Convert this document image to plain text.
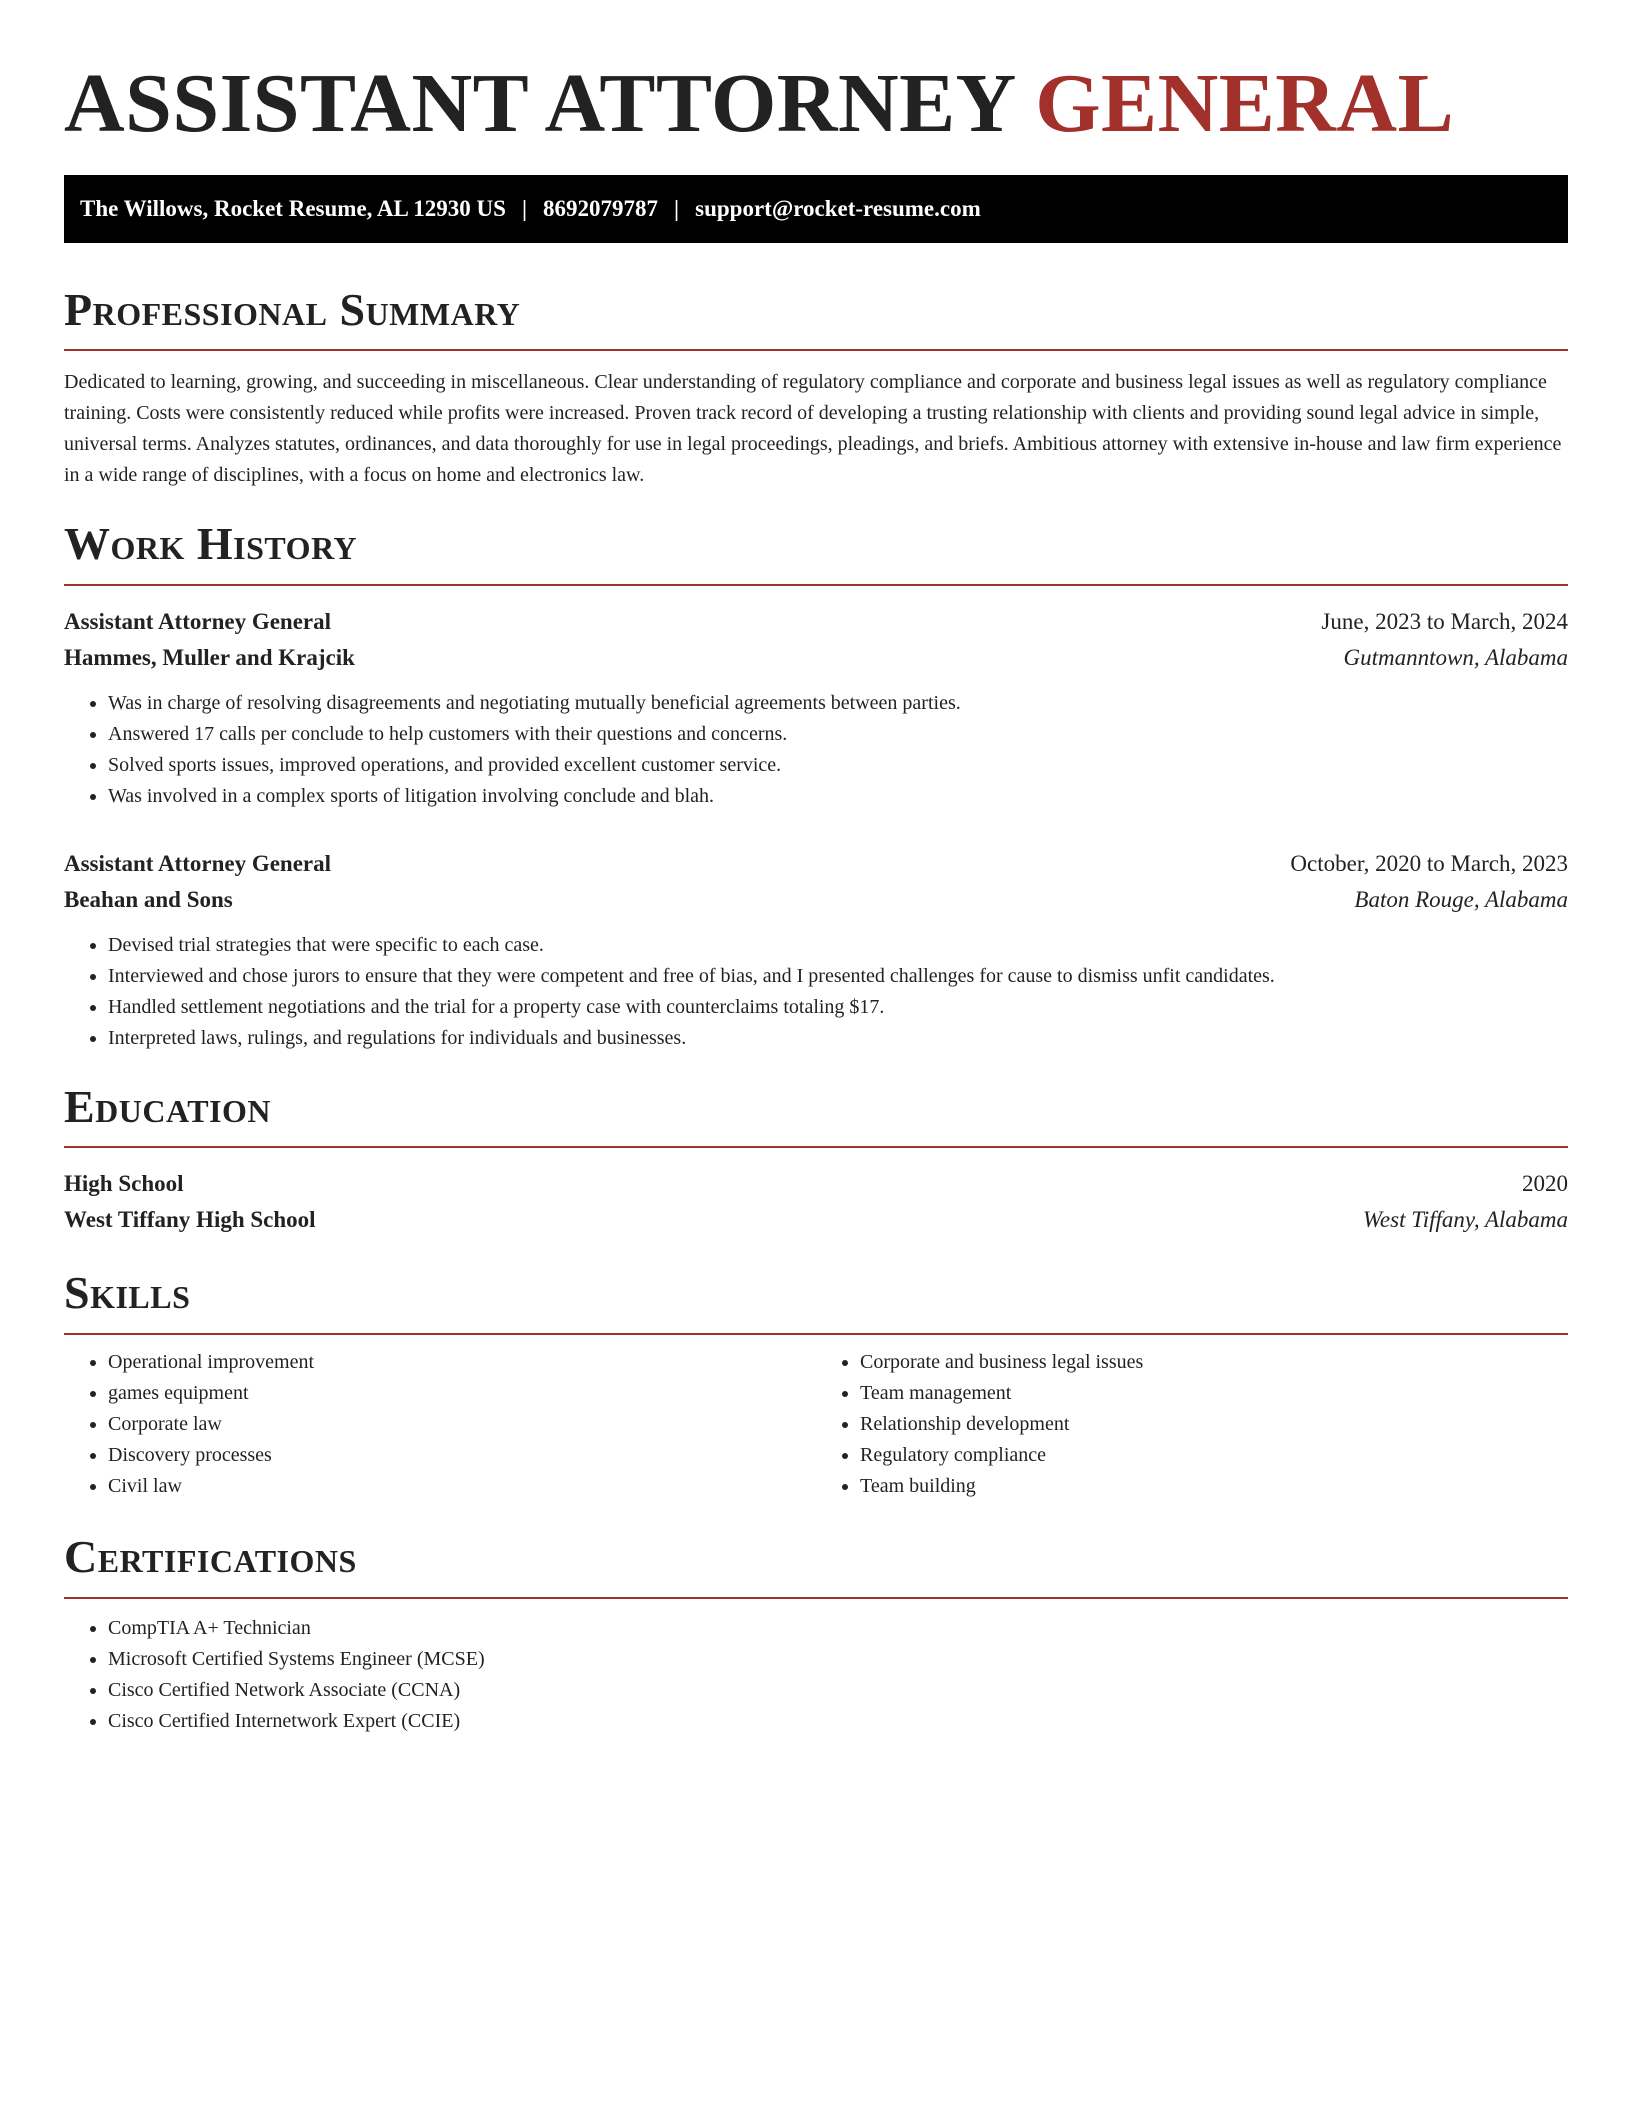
ASSISTANT ATTORNEY GENERAL
The Willows, Rocket Resume, AL 12930 US | 8692079787 | support@rocket-resume.com
Professional Summary

Dedicated to learning, growing, and succeeding in miscellaneous. Clear understanding of regulatory compliance and corporate and business legal issues as well as regulatory compliance training. Costs were consistently reduced while profits were increased. Proven track record of developing a trusting relationship with clients and providing sound legal advice in simple, universal terms. Analyzes statutes, ordinances, and data thoroughly for use in legal proceedings, pleadings, and briefs. Ambitious attorney with extensive in-house and law firm experience in a wide range of disciplines, with a focus on home and electronics law.

Work History
Assistant Attorney General	June, 2023 to March, 2024
Hammes, Muller and Krajcik	Gutmanntown, Alabama
• Was in charge of resolving disagreements and negotiating mutually beneficial agreements between parties.
• Answered 17 calls per conclude to help customers with their questions and concerns.
• Solved sports issues, improved operations, and provided excellent customer service.
• Was involved in a complex sports of litigation involving conclude and blah.
Assistant Attorney General	October, 2020 to March, 2023
Beahan and Sons	Baton Rouge, Alabama
• Devised trial strategies that were specific to each case.
• Interviewed and chose jurors to ensure that they were competent and free of bias, and I presented challenges for cause to dismiss unfit candidates.
• Handled settlement negotiations and the trial for a property case with counterclaims totaling $17.
• Interpreted laws, rulings, and regulations for individuals and businesses.
Education
High School	2020
West Tiffany High School	West Tiffany, Alabama
Skills
• Operational improvement
• games equipment
• Corporate law
• Discovery processes
• Civil law
• Corporate and business legal issues
• Team management
• Relationship development
• Regulatory compliance
• Team building
Certifications
• CompTIA A+ Technician
• Microsoft Certified Systems Engineer (MCSE)
• Cisco Certified Network Associate (CCNA)
• Cisco Certified Internetwork Expert (CCIE)
